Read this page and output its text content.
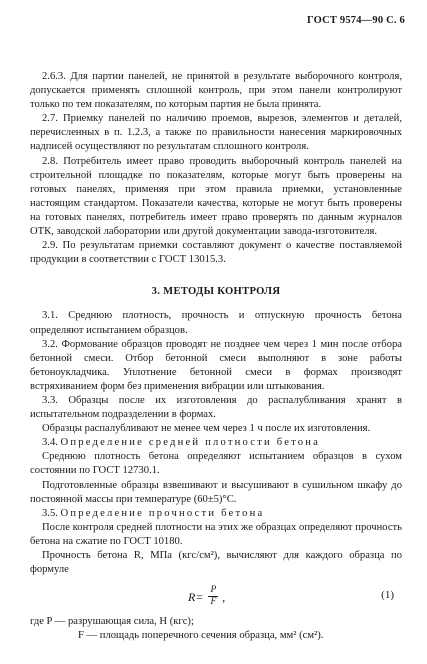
ГОСТ 9574—90 С. 6

2.6.3. Для партии панелей, не принятой в результате выборочного контроля, допускается применять сплошной контроль, при этом панели контролируют только по тем показателям, по которым партия не была принята.

2.7. Приемку панелей по наличию проемов, вырезов, элементов и деталей, перечисленных в п. 1.2.3, а также по правильности нанесения маркировочных надписей осуществляют по результатам сплошного контроля.

2.8. Потребитель имеет право проводить выборочный контроль панелей на строительной площадке по показателям, которые могут быть проверены на готовых панелях, применяя при этом правила приемки, установленные настоящим стандартом. Показатели качества, которые не могут быть проверены на готовых панелях, потребитель имеет право проверять по данным журналов ОТК, заводской лаборатории или другой документации завода-изготовителя.

2.9. По результатам приемки составляют документ о качестве поставляемой продукции в соответствии с ГОСТ 13015.3.

3. МЕТОДЫ КОНТРОЛЯ

3.1. Среднюю плотность, прочность и отпускную прочность бетона определяют испытанием образцов.

3.2. Формование образцов проводят не позднее чем через 1 мин после отбора бетонной смеси. Отбор бетонной смеси выполняют в зоне работы бетоноукладчика. Уплотнение бетонной смеси в формах производят встряхиванием форм без применения вибрации или штыкования.

3.3. Образцы после их изготовления до распалубливания хранят в испытательном подразделении в формах.

Образцы распалубливают не менее чем через 1 ч после их изготовления.

3.4. Определение средней плотности бетона

Среднюю плотность бетона определяют испытанием образцов в сухом состоянии по ГОСТ 12730.1.

Подготовленные образцы взвешивают и высушивают в сушильном шкафу до постоянной массы при температуре (60±5)°С.

3.5. Определение прочности бетона

После контроля средней плотности на этих же образцах определяют прочность бетона на сжатие по ГОСТ 10180.

Прочность бетона R, МПа (кгс/см²), вычисляют для каждого образца по формуле

$R= \frac{P}{F}$ ,	(1)

где P — разрушающая сила, Н (кгс);

F — площадь поперечного сечения образца, мм² (см²).
